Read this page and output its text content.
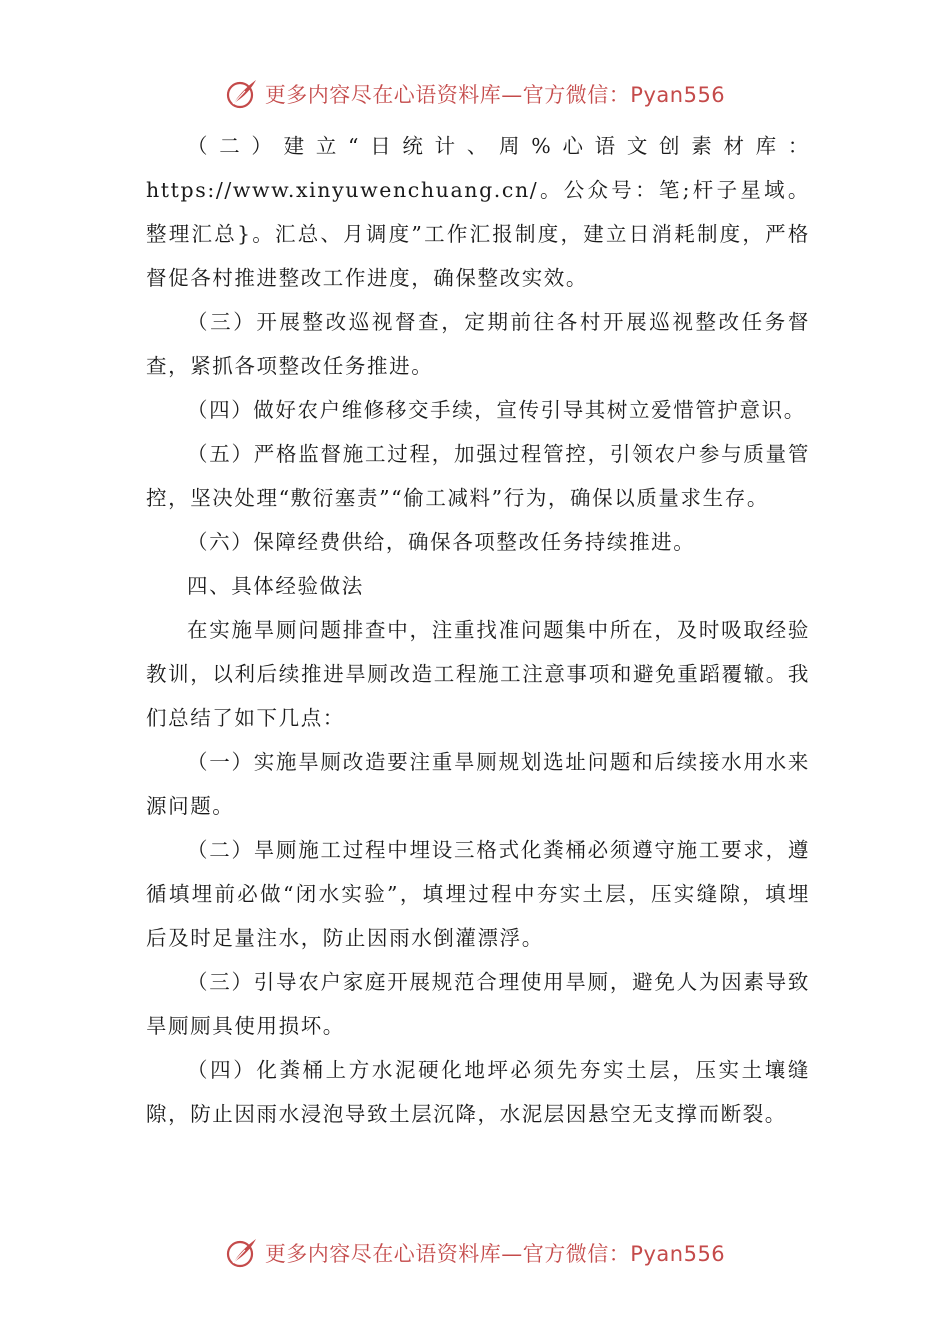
更多内容尽在心语资料库—官方微信：Pyan556

（二）建立“日统计、周%心语文创素材库：https://www.xinyuwenchuang.cn/。公众号：笔;杆子星域。整理汇总}。汇总、月调度”工作汇报制度，建立日消耗制度，严格督促各村推进整改工作进度，确保整改实效。

（三）开展整改巡视督查，定期前往各村开展巡视整改任务督查，紧抓各项整改任务推进。

（四）做好农户维修移交手续，宣传引导其树立爱惜管护意识。

（五）严格监督施工过程，加强过程管控，引领农户参与质量管控，坚决处理“敷衍塞责”“偷工减料”行为，确保以质量求生存。

（六）保障经费供给，确保各项整改任务持续推进。

四、具体经验做法

在实施旱厕问题排查中，注重找准问题集中所在，及时吸取经验教训，以利后续推进旱厕改造工程施工注意事项和避免重蹈覆辙。我们总结了如下几点：

（一）实施旱厕改造要注重旱厕规划选址问题和后续接水用水来源问题。

（二）旱厕施工过程中埋设三格式化粪桶必须遵守施工要求，遵循填埋前必做“闭水实验”，填埋过程中夯实土层，压实缝隙，填埋 后及时足量注水，防止因雨水倒灌漂浮。

（三）引导农户家庭开展规范合理使用旱厕，避免人为因素导致旱厕厕具使用损坏。

（四）化粪桶上方水泥硬化地坪必须先夯实土层，压实土壤缝隙，防止因雨水浸泡导致土层沉降，水泥层因悬空无支撑而断裂。

更多内容尽在心语资料库—官方微信：Pyan556
